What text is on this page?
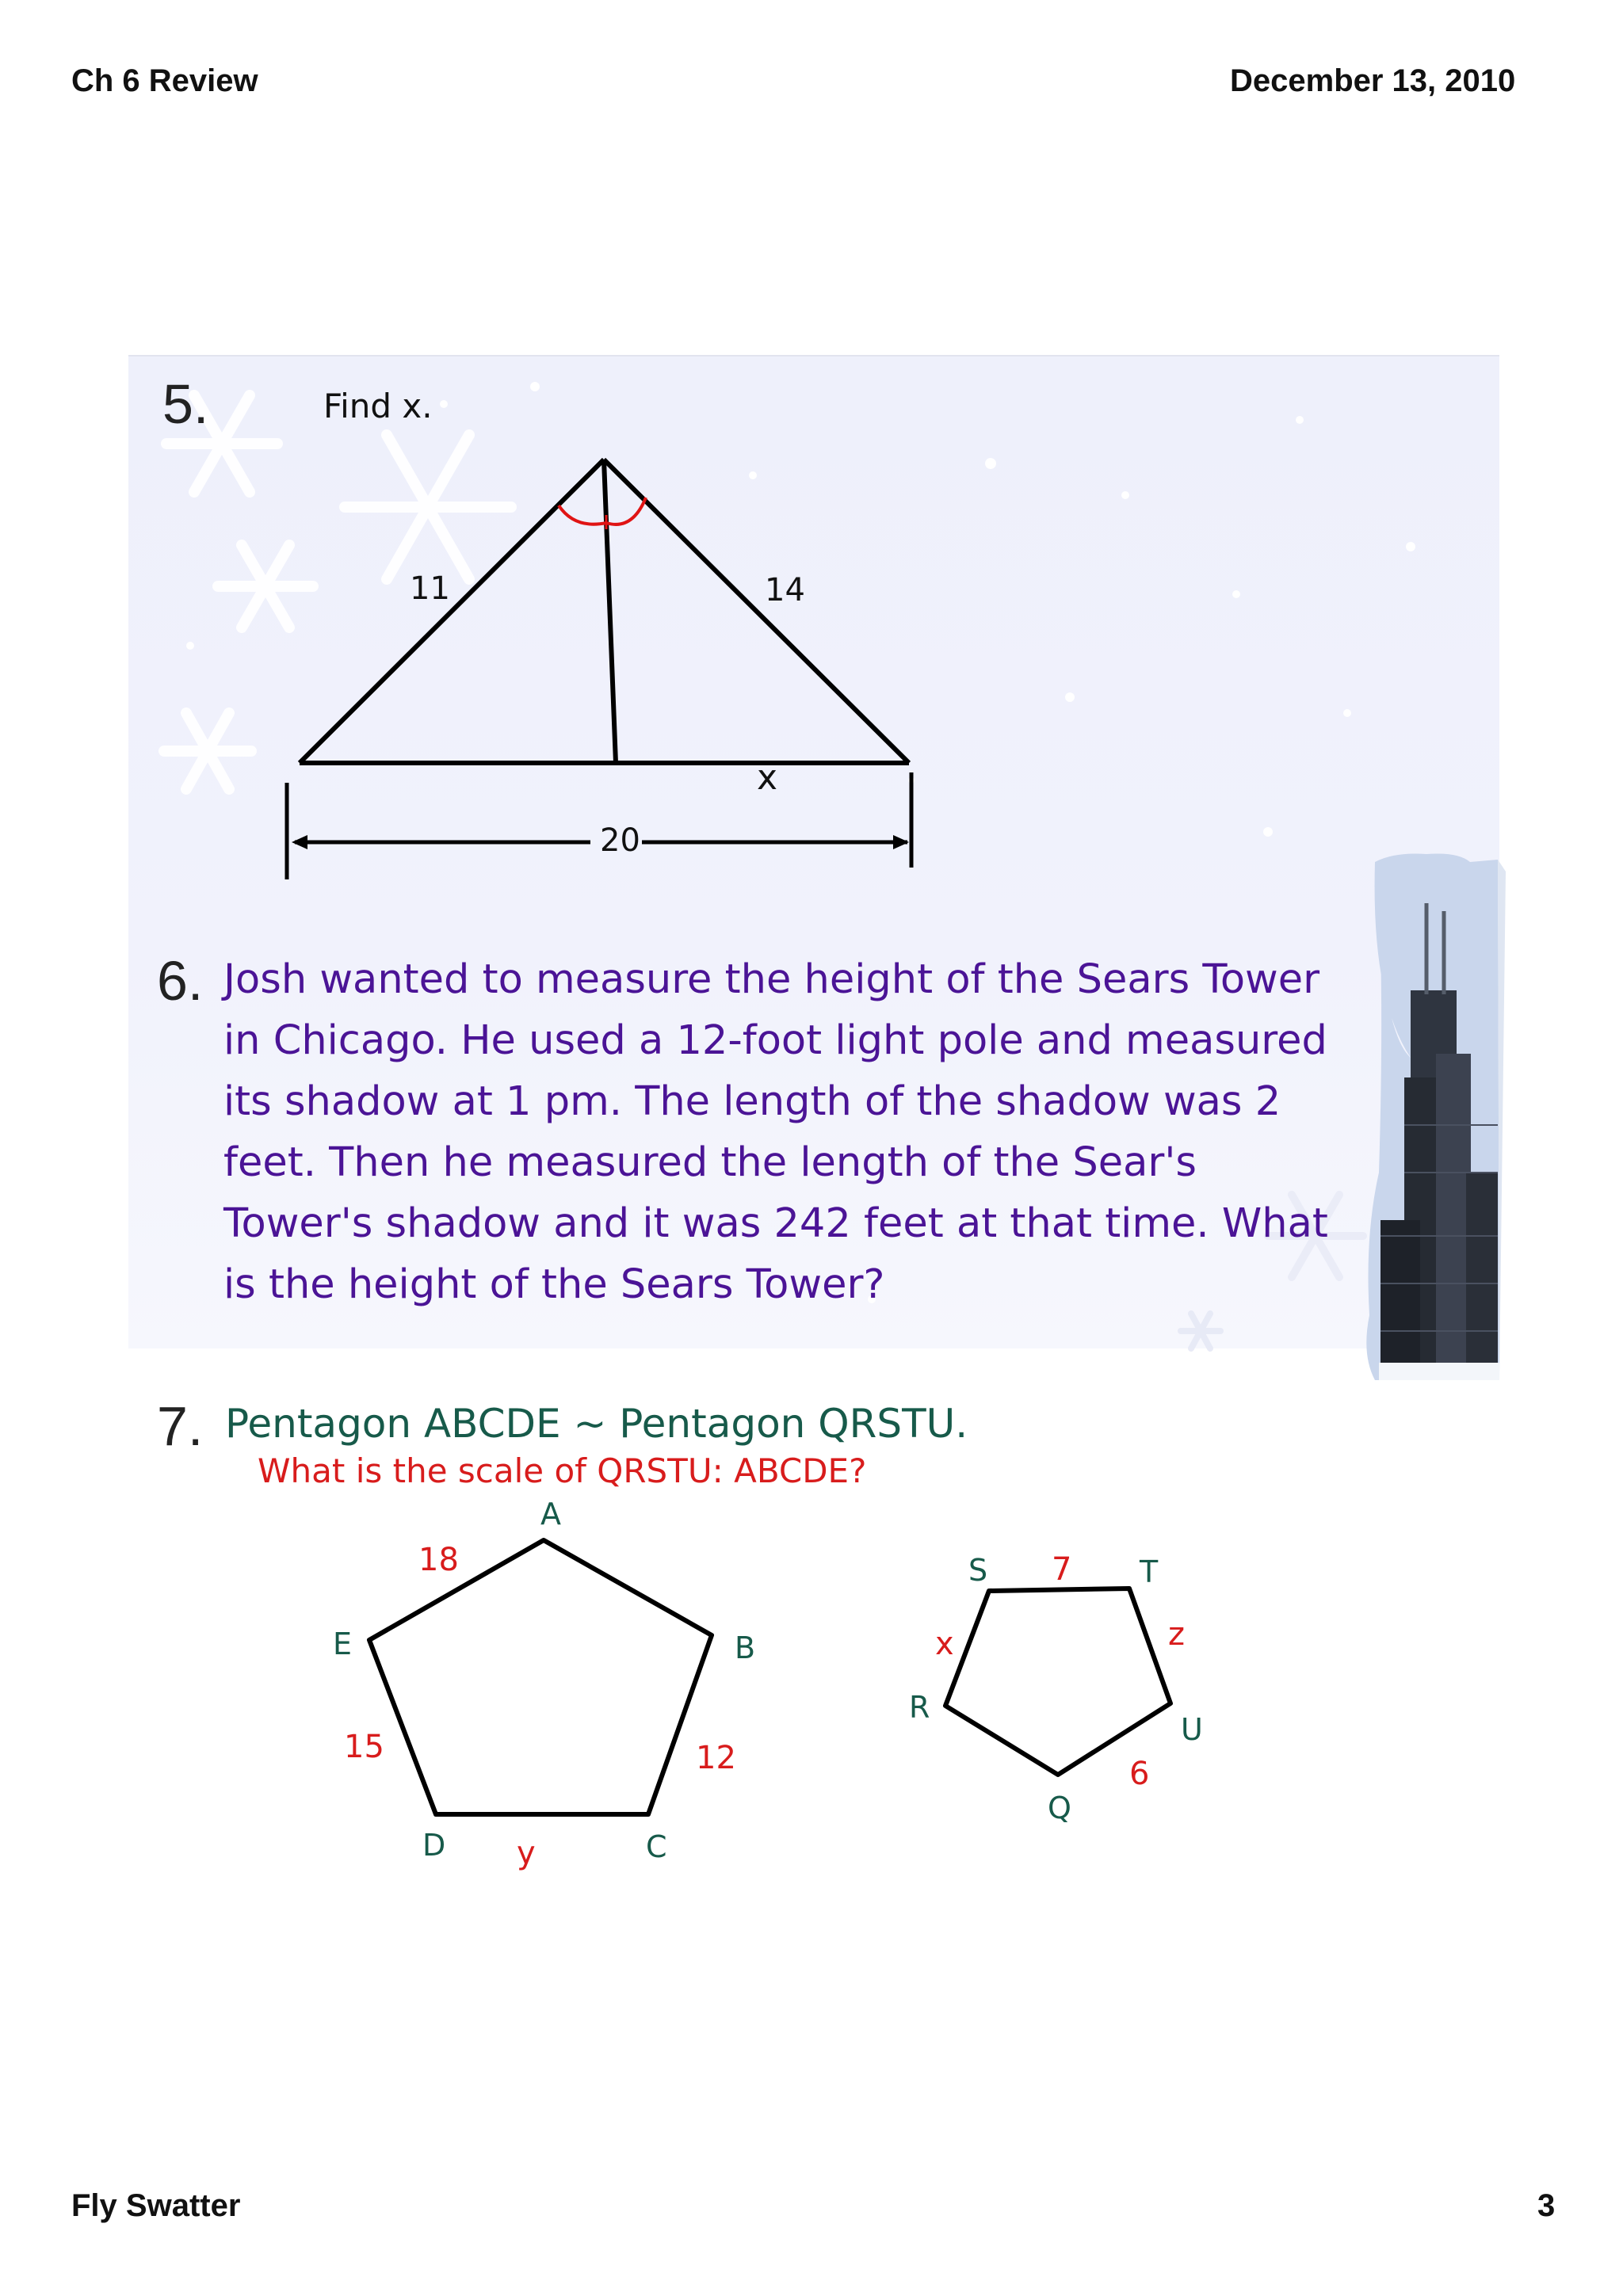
Ch 6 Review	December 13, 2010
Fly Swatter	3
11	14
x
20
A
B
C
D
E
18
12
y
15
S	T
U
Q
R
7
x	z
6
5.	Find x.
6. Josh wanted to measure the height of the Sears Tower
in Chicago. He used a 12-foot light pole and measured
its shadow at 1 pm. The length of the shadow was 2
feet. Then he measured the length of the Sear's
Tower's shadow and it was 242 feet at that time. What
is the height of the Sears Tower?
7. Pentagon ABCDE ~ Pentagon QRSTU.
What is the scale of QRSTU: ABCDE?
